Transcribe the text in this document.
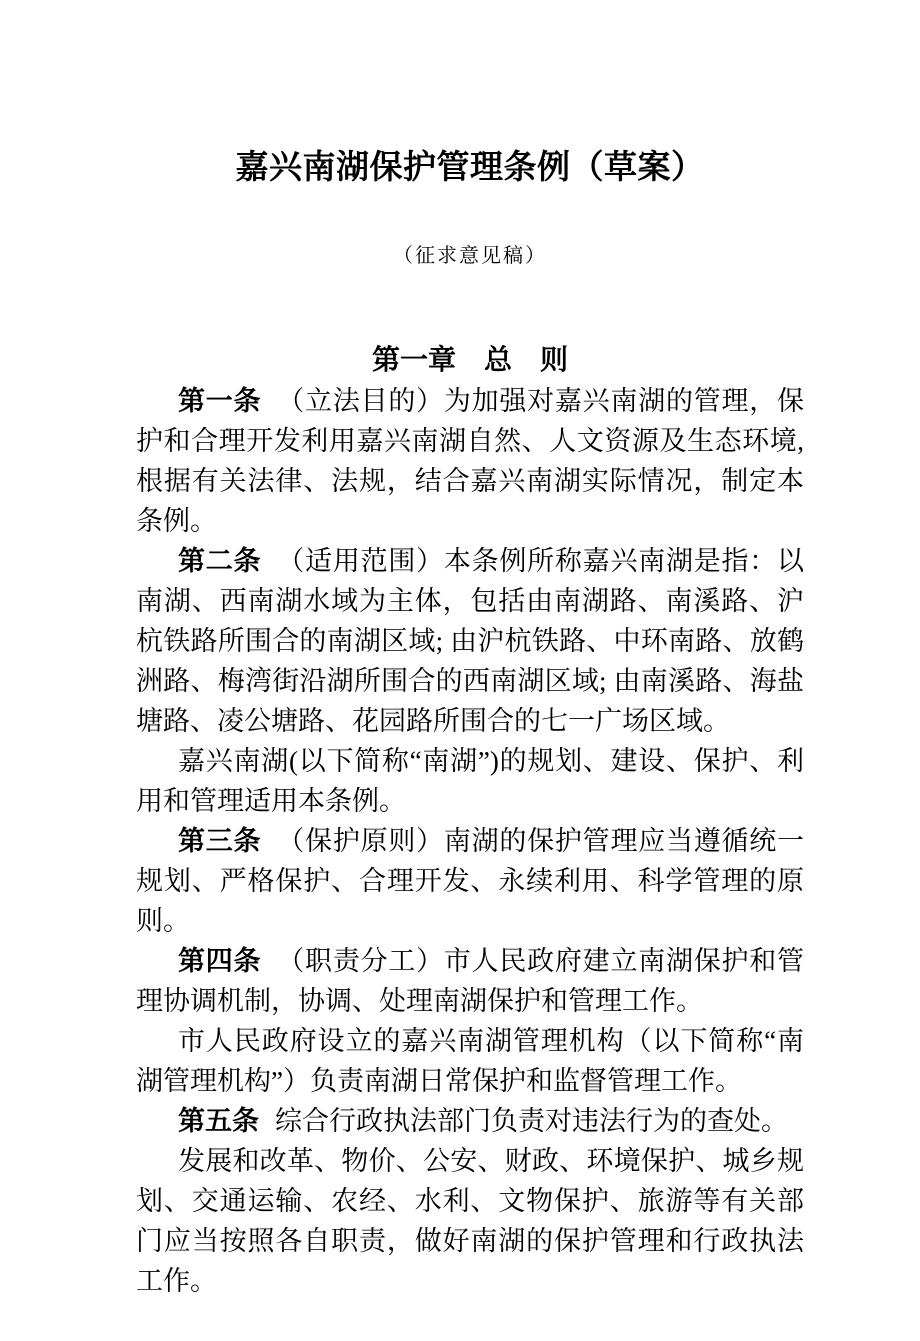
嘉兴南湖保护管理条例（草案）
（征求意见稿）
第一章　总　则

第一条 （立法目的）为加强对嘉兴南湖的管理，保护和合理开发利用嘉兴南湖自然、人文资源及生态环境, 根据有关法律、法规，结合嘉兴南湖实际情况，制定本条例。

第二条 （适用范围）本条例所称嘉兴南湖是指：以南湖、西南湖水域为主体，包括由南湖路、南溪路、沪杭铁路所围合的南湖区域; 由沪杭铁路、中环南路、放鹤洲路、梅湾街沿湖所围合的西南湖区域; 由南溪路、海盐塘路、凌公塘路、花园路所围合的七一广场区域。

嘉兴南湖(以下简称“南湖”)的规划、建设、保护、利用和管理适用本条例。

第三条 （保护原则）南湖的保护管理应当遵循统一规划、严格保护、合理开发、永续利用、科学管理的原则。

第四条 （职责分工）市人民政府建立南湖保护和管理协调机制，协调、处理南湖保护和管理工作。

市人民政府设立的嘉兴南湖管理机构（以下简称“南湖管理机构”）负责南湖日常保护和监督管理工作。

第五条 综合行政执法部门负责对违法行为的查处。

发展和改革、物价、公安、财政、环境保护、城乡规划、交通运输、农经、水利、文物保护、旅游等有关部门应当按照各自职责，做好南湖的保护管理和行政执法工作。
